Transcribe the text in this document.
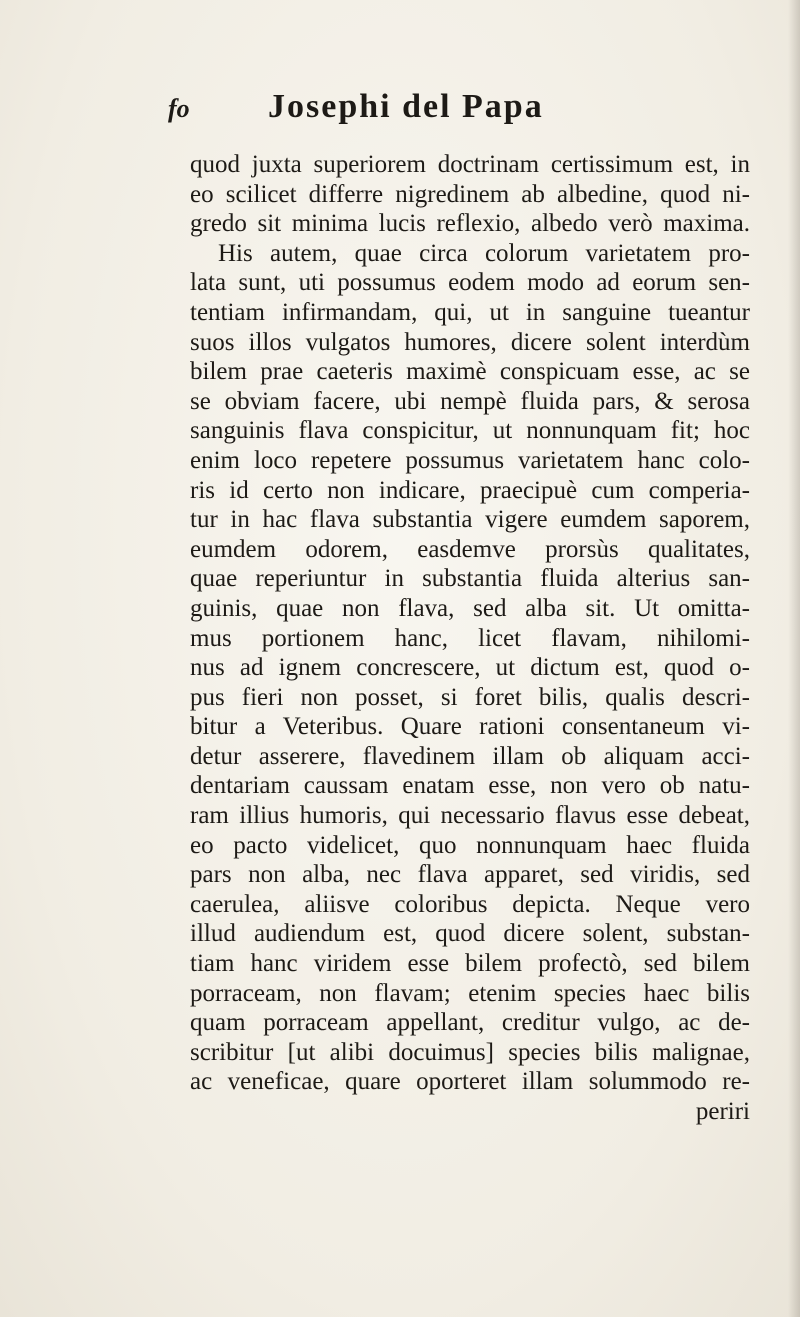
fo Josephi del Papa
quod juxta superiorem doctrinam certissimum est, in
eo scilicet differre nigredinem ab albedine, quod ni-
gredo sit minima lucis reflexio, albedo verò maxima.
His autem, quae circa colorum varietatem pro-
lata sunt, uti possumus eodem modo ad eorum sen-
tentiam infirmandam, qui, ut in sanguine tueantur
suos illos vulgatos humores, dicere solent interdùm
bilem prae caeteris maximè conspicuam esse, ac se
se obviam facere, ubi nempè fluida pars, & serosa
sanguinis flava conspicitur, ut nonnunquam fit; hoc
enim loco repetere possumus varietatem hanc colo-
ris id certo non indicare, praecipuè cum comperia-
tur in hac flava substantia vigere eumdem saporem,
eumdem odorem, easdemve prorsùs qualitates,
quae reperiuntur in substantia fluida alterius san-
guinis, quae non flava, sed alba sit. Ut omitta-
mus portionem hanc, licet flavam, nihilomi-
nus ad ignem concrescere, ut dictum est, quod o-
pus fieri non posset, si foret bilis, qualis descri-
bitur a Veteribus. Quare rationi consentaneum vi-
detur asserere, flavedinem illam ob aliquam acci-
dentariam caussam enatam esse, non vero ob natu-
ram illius humoris, qui necessario flavus esse debeat,
eo pacto videlicet, quo nonnunquam haec fluida
pars non alba, nec flava apparet, sed viridis, sed
caerulea, aliisve coloribus depicta. Neque vero
illud audiendum est, quod dicere solent, substan-
tiam hanc viridem esse bilem profectò, sed bilem
porraceam, non flavam; etenim species haec bilis
quam porraceam appellant, creditur vulgo, ac de-
scribitur [ut alibi docuimus] species bilis malignae,
ac veneficae, quare oporteret illam solummodo re-
periri
